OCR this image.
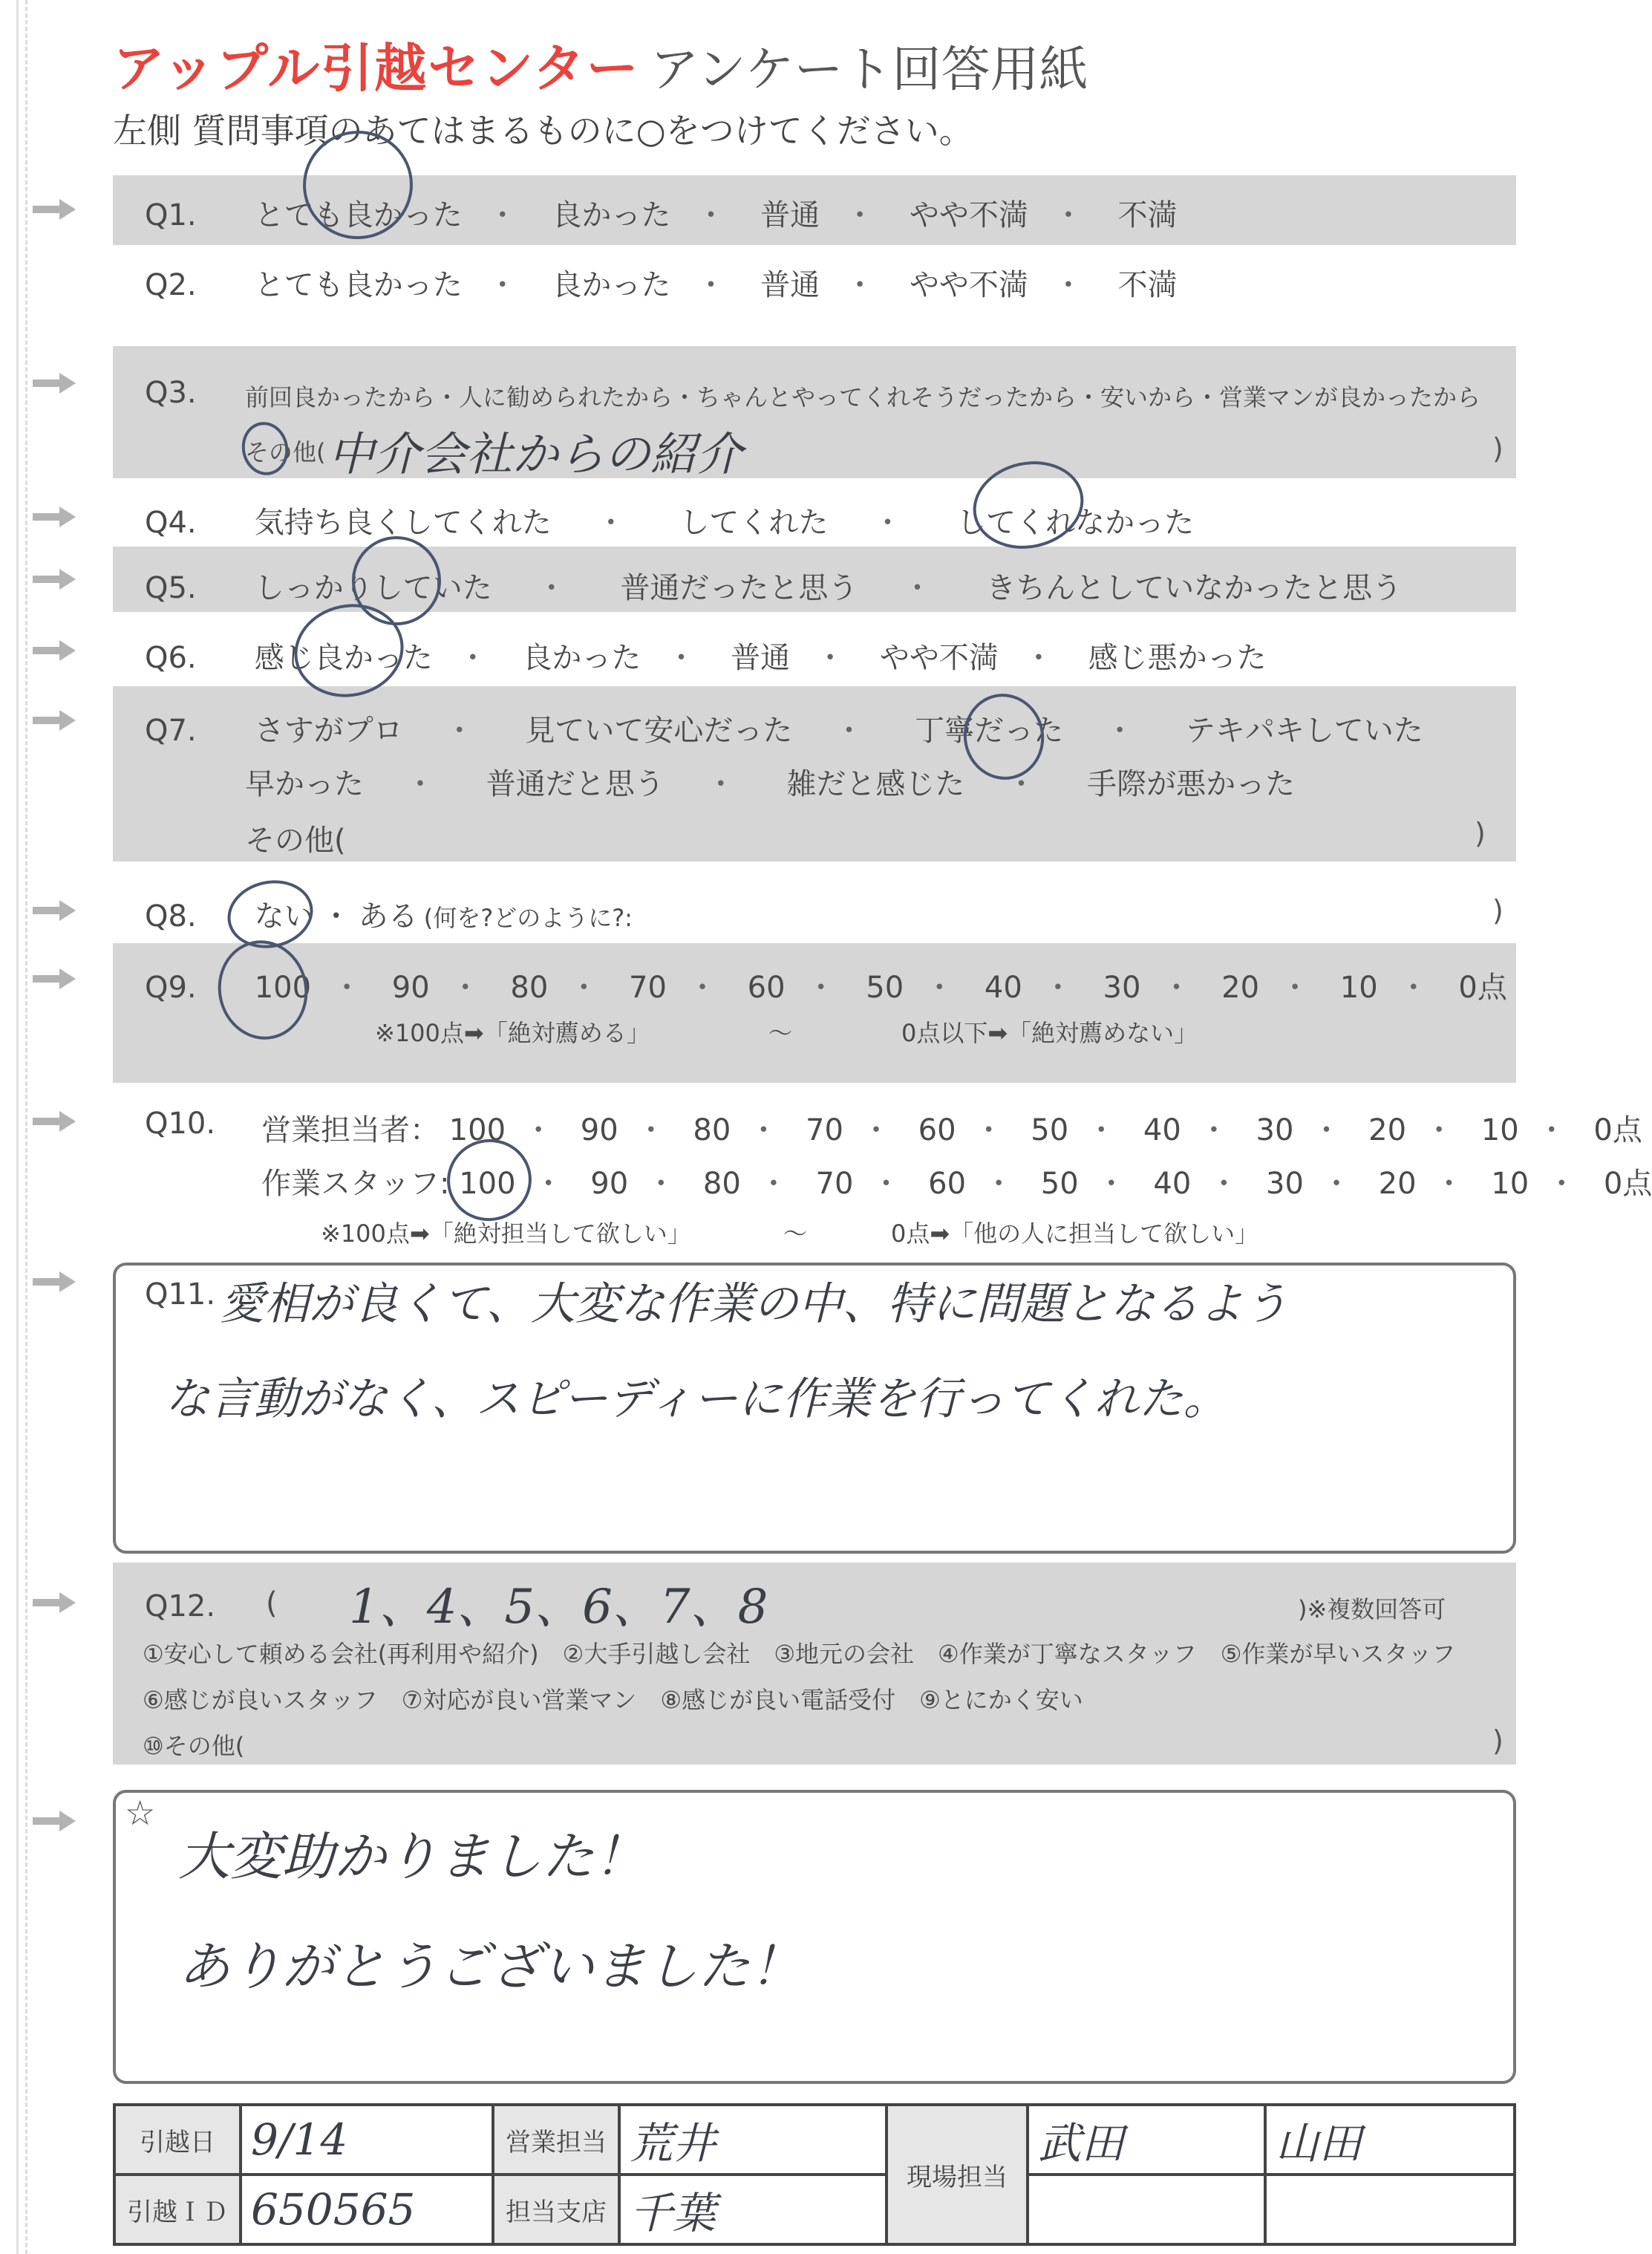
アップル引越センター アンケート回答用紙
左側 質問事項のあてはまるものに○をつけてください。
Q1. とても良かった ・ 良かった ・ 普通 ・ やや不満 ・ 不満
Q2. とても良かった ・ 良かった ・ 普通 ・ やや不満 ・ 不満
Q3. 前回良かったから・人に勧められたから・ちゃんとやってくれそうだったから・安いから・営業マンが良かったから
その他( 中介会社からの紹介	)
Q4. 気持ち良くしてくれた ・ してくれた ・ してくれなかった
Q5. しっかりしていた ・ 普通だったと思う ・ きちんとしていなかったと思う
Q6. 感じ良かった ・ 良かった ・ 普通 ・ やや不満 ・ 感じ悪かった
Q7. さすがプロ ・ 見ていて安心だった ・ 丁寧だった ・ テキパキしていた
早かった ・ 普通だと思う ・ 雑だと感じた ・ 手際が悪かった
その他(	)
Q8. ない ・ ある (何を?どのように?:	)
Q9. 100 ・ 90 ・ 80 ・ 70 ・ 60 ・ 50 ・ 40 ・ 30 ・ 20 ・ 10 ・ 0点
※100点➡「絶対薦める」	〜	0点以下➡「絶対薦めない」
Q10. 営業担当者： 100 ・ 90 ・ 80 ・ 70 ・ 60 ・ 50 ・ 40 ・ 30 ・ 20 ・ 10 ・ 0点
作業スタッフ: 100 ・ 90 ・ 80 ・ 70 ・ 60 ・ 50 ・ 40 ・ 30 ・ 20 ・ 10 ・ 0点
※100点➡「絶対担当して欲しい」	〜	0点➡「他の人に担当して欲しい」
Q11. 愛相が良くて、大変な作業の中、特に問題となるよう
な言動がなく、スピーディーに作業を行ってくれた。
Q12. ( 1、4、5、6、7、8	)※複数回答可
①安心して頼める会社(再利用や紹介)　②大手引越し会社　③地元の会社　④作業が丁寧なスタッフ　⑤作業が早いスタッフ
⑥感じが良いスタッフ　⑦対応が良い営業マン　⑧感じが良い電話受付　⑨とにかく安い
⑩その他(	)
☆
大変助かりました！
ありがとうございました！
引越日	9/14	営業担当	荒井	現場担当	武田	山田
引越ＩＤ	650565	担当支店	千葉			
